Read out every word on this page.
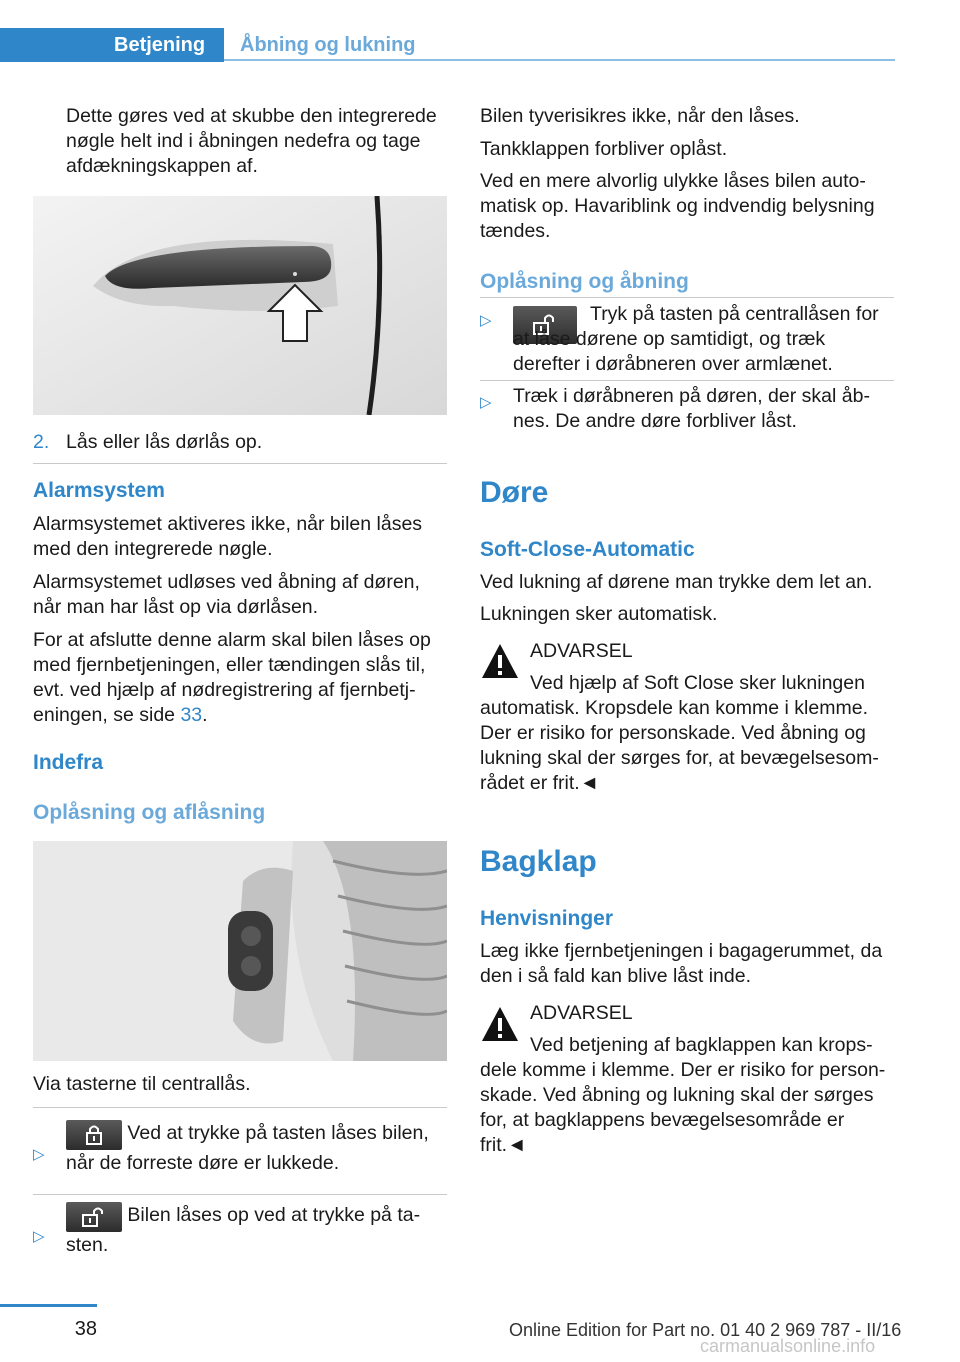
Betjening	Åbning og lukning

Dette gøres ved at skubbe den integrerede nøgle helt ind i åbningen nedefra og tage afdækningskappen af.

2. Lås eller lås dørlås op.

Alarmsystem

Alarmsystemet aktiveres ikke, når bilen låses med den integrerede nøgle.

Alarmsystemet udløses ved åbning af døren, når man har låst op via dørlåsen.

For at afslutte denne alarm skal bilen låses op med fjernbetjeningen, eller tændingen slås til, evt. ved hjælp af nødregistrering af fjernbetjeningen, se side 33.

Indefra

Oplåsning og aflåsning

Via tasterne til centrallås.

▷

Ved at trykke på tasten låses bilen, når de forreste døre er lukkede.

▷

Bilen låses op ved at trykke på tasten.

Bilen tyverisikres ikke, når den låses.

Tankklappen forbliver oplåst.

Ved en mere alvorlig ulykke låses bilen automatisk op. Havariblink og indvendig belysning tændes.

Oplåsning og åbning

▷	Tryk på tasten på centrallåsen for at låse dørene op samtidigt, og træk derefter i døråbneren over armlænet.

▷	Træk i døråbneren på døren, der skal åbnes. De andre døre forbliver låst.

Døre

Soft-Close-Automatic

Ved lukning af dørene man trykke dem let an.

Lukningen sker automatisk.

ADVARSEL

Ved hjælp af Soft Close sker lukningen automatisk. Kropsdele kan komme i klemme. Der er risiko for personskade. Ved åbning og lukning skal der sørges for, at bevægelsesområdet er frit.◄

Bagklap

Henvisninger

Læg ikke fjernbetjeningen i bagagerummet, da den i så fald kan blive låst inde.

ADVARSEL

Ved betjening af bagklappen kan kropsdele komme i klemme. Der er risiko for personskade. Ved åbning og lukning skal der sørges for, at bagklappens bevægelsesområde er frit.◄

38	Online Edition for Part no. 01 40 2 969 787 - II/16
carmanualsonline.info
